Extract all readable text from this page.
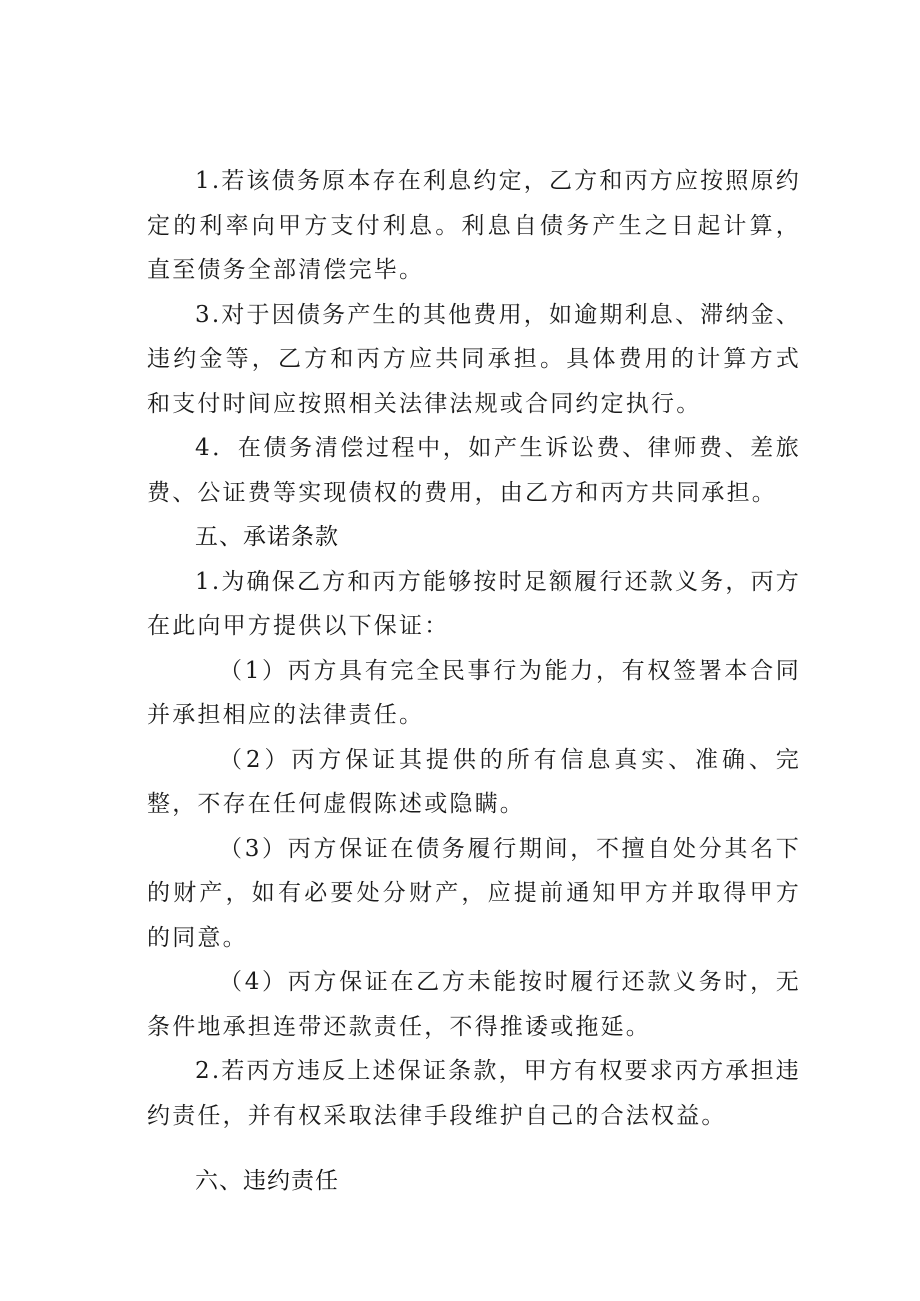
1.若该债务原本存在利息约定，乙方和丙方应按照原约定的利率向甲方支付利息。利息自债务产生之日起计算，直至债务全部清偿完毕。

3.对于因债务产生的其他费用，如逾期利息、滞纳金、违约金等，乙方和丙方应共同承担。具体费用的计算方式和支付时间应按照相关法律法规或合同约定执行。

4．在债务清偿过程中，如产生诉讼费、律师费、差旅费、公证费等实现债权的费用，由乙方和丙方共同承担。

五、承诺条款

1.为确保乙方和丙方能够按时足额履行还款义务，丙方在此向甲方提供以下保证：

（1）丙方具有完全民事行为能力，有权签署本合同并承担相应的法律责任。

（2）丙方保证其提供的所有信息真实、准确、完整，不存在任何虚假陈述或隐瞒。

（3）丙方保证在债务履行期间，不擅自处分其名下的财产，如有必要处分财产，应提前通知甲方并取得甲方的同意。

（4）丙方保证在乙方未能按时履行还款义务时，无条件地承担连带还款责任，不得推诿或拖延。

2.若丙方违反上述保证条款，甲方有权要求丙方承担违约责任，并有权采取法律手段维护自己的合法权益。

六、违约责任
